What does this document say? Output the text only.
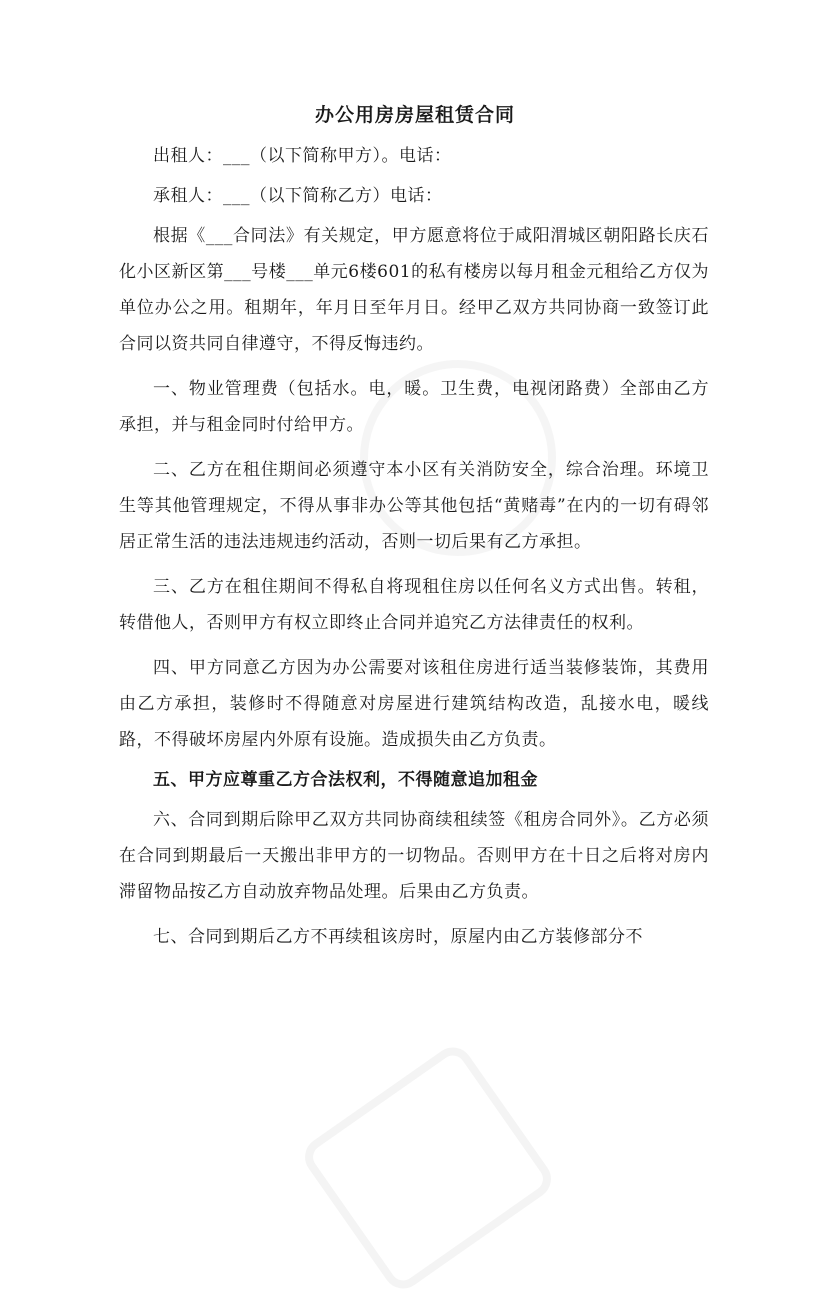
办公用房房屋租赁合同

出租人：___（以下简称甲方）。电话：

承租人：___（以下简称乙方）电话：

根据《___合同法》有关规定，甲方愿意将位于咸阳渭城区朝阳路长庆石化小区新区第___号楼___单元6楼601的私有楼房以每月租金元租给乙方仅为单位办公之用。租期年，年月日至年月日。经甲乙双方共同协商一致签订此合同以资共同自律遵守，不得反悔违约。

一、物业管理费（包括水。电，暖。卫生费，电视闭路费）全部由乙方承担，并与租金同时付给甲方。

二、乙方在租住期间必须遵守本小区有关消防安全，综合治理。环境卫生等其他管理规定，不得从事非办公等其他包括“黄赌毒”在内的一切有碍邻居正常生活的违法违规违约活动，否则一切后果有乙方承担。

三、乙方在租住期间不得私自将现租住房以任何名义方式出售。转租，转借他人，否则甲方有权立即终止合同并追究乙方法律责任的权利。

四、甲方同意乙方因为办公需要对该租住房进行适当装修装饰，其费用由乙方承担，装修时不得随意对房屋进行建筑结构改造，乱接水电，暖线路，不得破坏房屋内外原有设施。造成损失由乙方负责。

五、甲方应尊重乙方合法权利，不得随意追加租金

六、合同到期后除甲乙双方共同协商续租续签《租房合同外》。乙方必须在合同到期最后一天搬出非甲方的一切物品。否则甲方在十日之后将对房内滞留物品按乙方自动放弃物品处理。后果由乙方负责。

七、合同到期后乙方不再续租该房时，原屋内由乙方装修部分不
